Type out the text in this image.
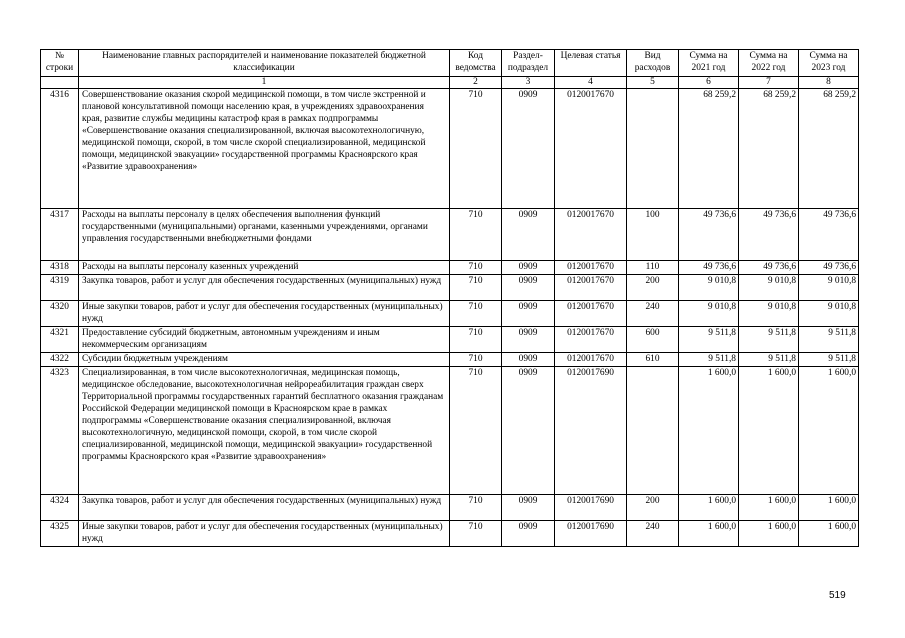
№ строки	Наименование главных распорядителей и наименование показателей бюджетной классификации	Код ведомства	Раздел-подраздел	Целевая статья	Вид расходов	Сумма на 2021 год	Сумма на 2022 год	Сумма на 2023 год
	1	2	3	4	5	6	7	8
4316	Совершенствование оказания скорой медицинской помощи, в том числе экстренной и плановой консультативной помощи населению края, в учреждениях здравоохранения края, развитие службы медицины катастроф края в рамках подпрограммы «Совершенствование оказания специализированной, включая высокотехнологичную, медицинской помощи, скорой, в том числе скорой специализированной, медицинской помощи, медицинской эвакуации» государственной программы Красноярского края «Развитие здравоохранения»	710	0909	0120017670		68 259,2	68 259,2	68 259,2
4317	Расходы на выплаты персоналу в целях обеспечения выполнения функций государственными (муниципальными) органами, казенными учреждениями, органами управления государственными внебюджетными фондами	710	0909	0120017670	100	49 736,6	49 736,6	49 736,6
4318	Расходы на выплаты персоналу казенных учреждений	710	0909	0120017670	110	49 736,6	49 736,6	49 736,6
4319	Закупка товаров, работ и услуг для обеспечения государственных (муниципальных) нужд	710	0909	0120017670	200	9 010,8	9 010,8	9 010,8
4320	Иные закупки товаров, работ и услуг для обеспечения государственных (муниципальных) нужд	710	0909	0120017670	240	9 010,8	9 010,8	9 010,8
4321	Предоставление субсидий бюджетным, автономным учреждениям и иным некоммерческим организациям	710	0909	0120017670	600	9 511,8	9 511,8	9 511,8
4322	Субсидии бюджетным учреждениям	710	0909	0120017670	610	9 511,8	9 511,8	9 511,8
4323	Специализированная, в том числе высокотехнологичная, медицинская помощь, медицинское обследование, высокотехнологичная нейрореабилитация граждан сверх Территориальной программы государственных гарантий бесплатного оказания гражданам Российской Федерации медицинской помощи в Красноярском крае в рамках подпрограммы «Совершенствование оказания специализированной, включая высокотехнологичную, медицинской помощи, скорой, в том числе скорой специализированной, медицинской помощи, медицинской эвакуации» государственной программы Красноярского края «Развитие здравоохранения»	710	0909	0120017690		1 600,0	1 600,0	1 600,0
4324	Закупка товаров, работ и услуг для обеспечения государственных (муниципальных) нужд	710	0909	0120017690	200	1 600,0	1 600,0	1 600,0
4325	Иные закупки товаров, работ и услуг для обеспечения государственных (муниципальных) нужд	710	0909	0120017690	240	1 600,0	1 600,0	1 600,0
519
